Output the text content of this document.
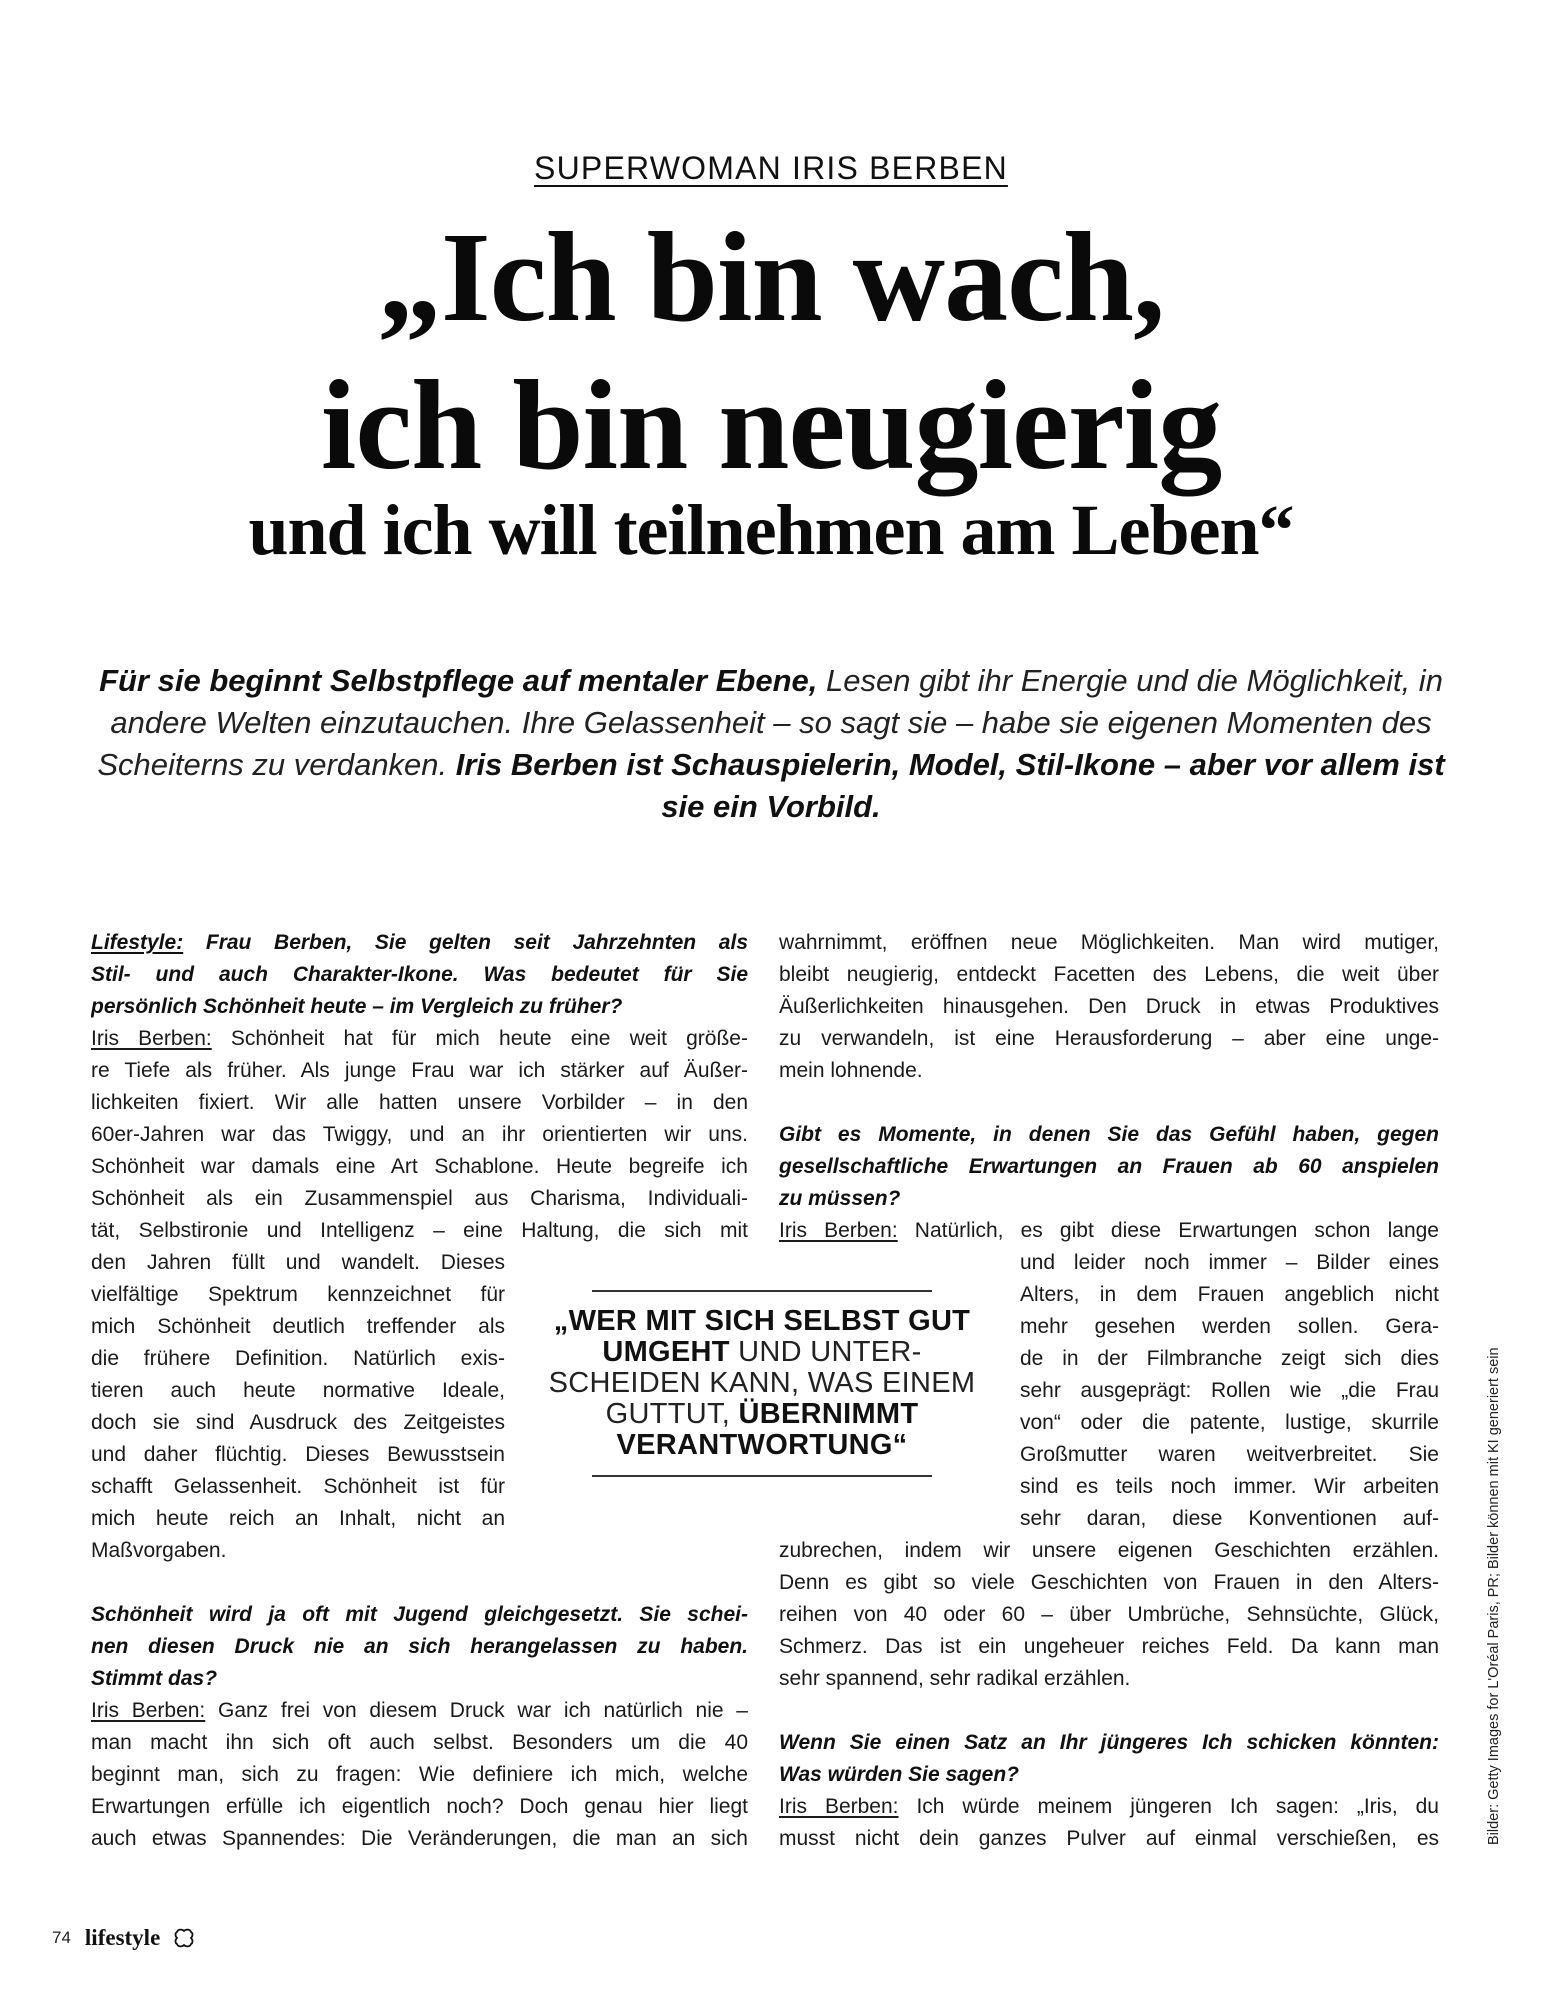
SUPERWOMAN IRIS BERBEN
„Ich bin wach,
ich bin neugierig
und ich will teilnehmen am Leben“
Für sie beginnt Selbstpflege auf mentaler Ebene, Lesen gibt ihr Energie und die Möglichkeit, in andere Welten einzutauchen. Ihre Gelassenheit – so sagt sie – habe sie eigenen Momenten des Scheiterns zu verdanken. Iris Berben ist Schauspielerin, Model, Stil-Ikone – aber vor allem ist sie ein Vorbild.
Lifestyle: Frau Berben, Sie gelten seit Jahrzehnten als
Stil- und auch Charakter-Ikone. Was bedeutet für Sie
persönlich Schönheit heute – im Vergleich zu früher?
Iris Berben: Schönheit hat für mich heute eine weit größe-
re Tiefe als früher. Als junge Frau war ich stärker auf Äußer-
lichkeiten fixiert. Wir alle hatten unsere Vorbilder – in den
60er-Jahren war das Twiggy, und an ihr orientierten wir uns.
Schönheit war damals eine Art Schablone. Heute begreife ich
Schönheit als ein Zusammenspiel aus Charisma, Individuali-
tät, Selbstironie und Intelligenz – eine Haltung, die sich mit
den Jahren füllt und wandelt. Dieses
vielfältige Spektrum kennzeichnet für
mich Schönheit deutlich treffender als
die frühere Definition. Natürlich exis-
tieren auch heute normative Ideale,
doch sie sind Ausdruck des Zeitgeistes
und daher flüchtig. Dieses Bewusstsein
schafft Gelassenheit. Schönheit ist für
mich heute reich an Inhalt, nicht an
Maßvorgaben.
Schönheit wird ja oft mit Jugend gleichgesetzt. Sie schei-
nen diesen Druck nie an sich herangelassen zu haben.
Stimmt das?
Iris Berben: Ganz frei von diesem Druck war ich natürlich nie –
man macht ihn sich oft auch selbst. Besonders um die 40
beginnt man, sich zu fragen: Wie definiere ich mich, welche
Erwartungen erfülle ich eigentlich noch? Doch genau hier liegt
auch etwas Spannendes: Die Veränderungen, die man an sich
wahrnimmt, eröffnen neue Möglichkeiten. Man wird mutiger,
bleibt neugierig, entdeckt Facetten des Lebens, die weit über
Äußerlichkeiten hinausgehen. Den Druck in etwas Produktives
zu verwandeln, ist eine Herausforderung – aber eine unge-
mein lohnende.
Gibt es Momente, in denen Sie das Gefühl haben, gegen
gesellschaftliche Erwartungen an Frauen ab 60 anspielen
zu müssen?
Iris Berben: Natürlich, es gibt diese Erwartungen schon lange
und leider noch immer – Bilder eines
Alters, in dem Frauen angeblich nicht
mehr gesehen werden sollen. Gera-
de in der Filmbranche zeigt sich dies
sehr ausgeprägt: Rollen wie „die Frau
von“ oder die patente, lustige, skurrile
Großmutter waren weitverbreitet. Sie
sind es teils noch immer. Wir arbeiten
sehr daran, diese Konventionen auf-
zubrechen, indem wir unsere eigenen Geschichten erzählen.
Denn es gibt so viele Geschichten von Frauen in den Alters-
reihen von 40 oder 60 – über Umbrüche, Sehnsüchte, Glück,
Schmerz. Das ist ein ungeheuer reiches Feld. Da kann man
sehr spannend, sehr radikal erzählen.
Wenn Sie einen Satz an Ihr jüngeres Ich schicken könnten:
Was würden Sie sagen?
Iris Berben: Ich würde meinem jüngeren Ich sagen: „Iris, du
musst nicht dein ganzes Pulver auf einmal verschießen, es
„WER MIT SICH SELBST GUT UMGEHT UND UNTER-SCHEIDEN KANN, WAS EINEM GUTTUT, ÜBERNIMMT VERANTWORTUNG“	Bilder: Getty Images for L'Oréal Paris, PR; Bilder können mit KI generiert sein
74 lifestyle
